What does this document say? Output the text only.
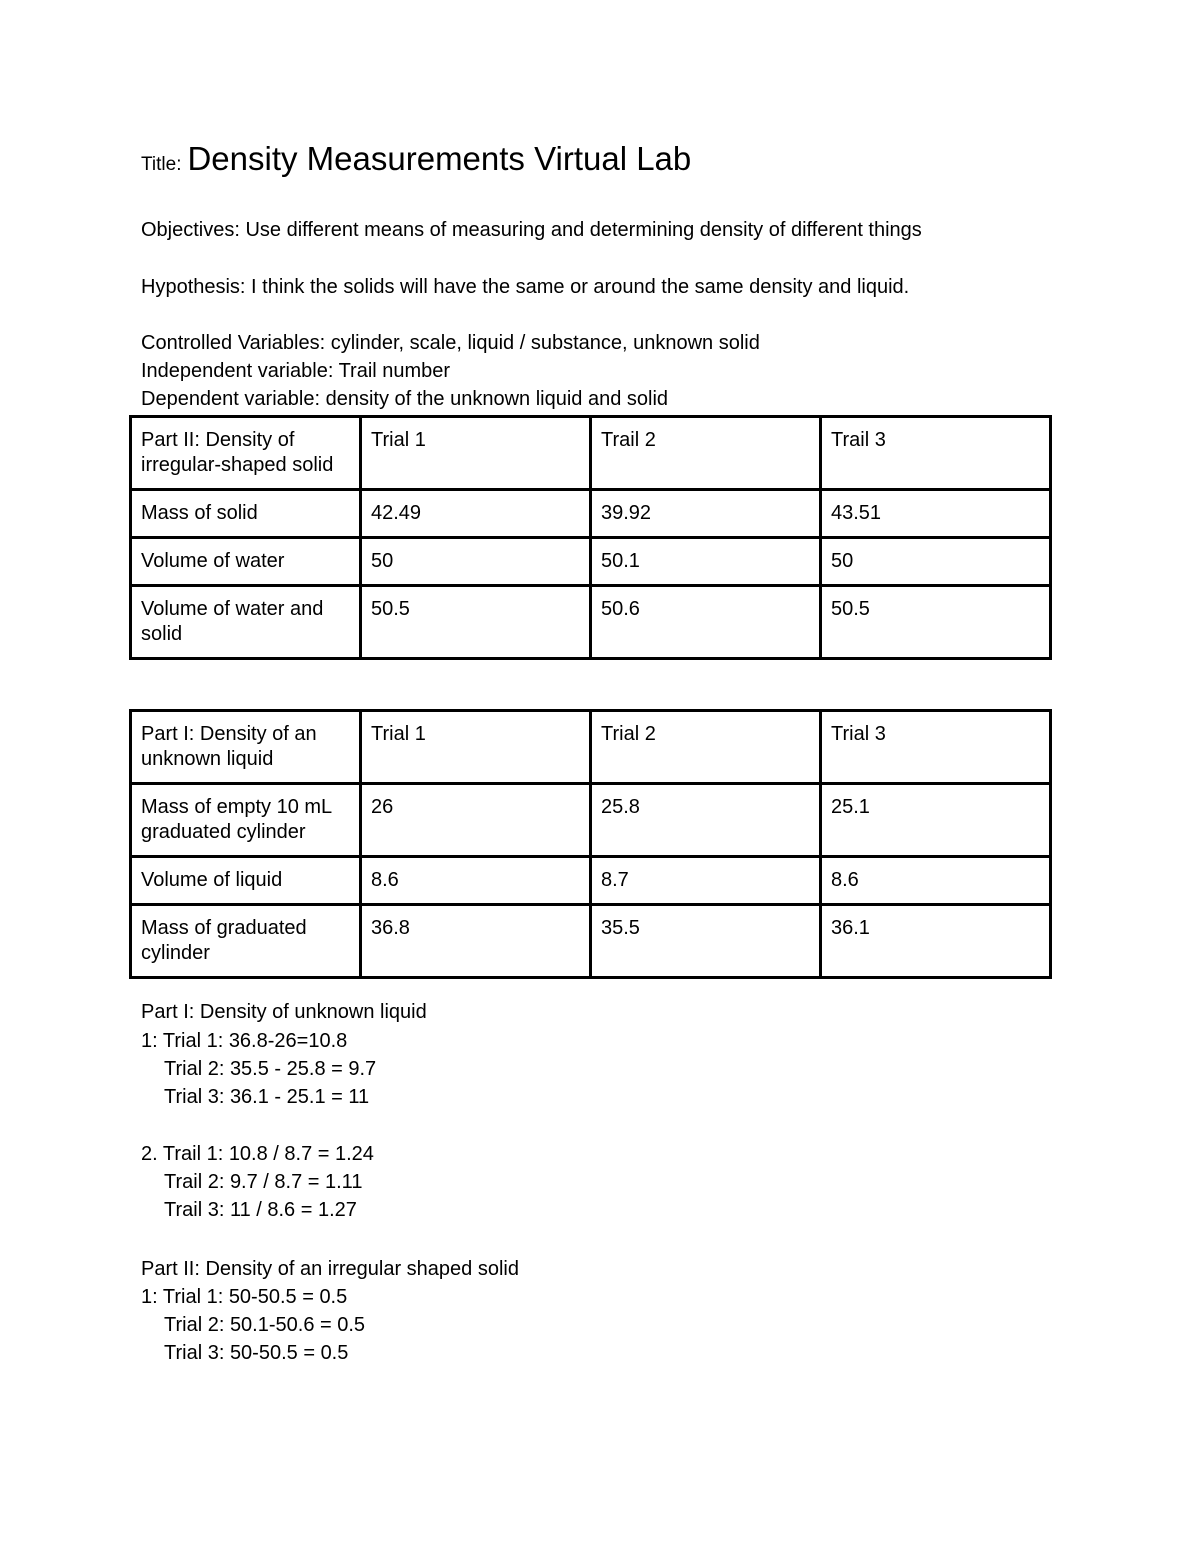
Title: Density Measurements Virtual Lab
Objectives: Use different means of measuring and determining density of different things
Hypothesis: I think the solids will have the same or around the same density and liquid.
Controlled Variables: cylinder, scale, liquid / substance, unknown solid
Independent variable: Trail number
Dependent variable: density of the unknown liquid and solid
Part II: Density of irregular-shaped solid	Trial 1	Trail 2	Trail 3
Mass of solid	42.49	39.92	43.51
Volume of water	50	50.1	50
Volume of water and solid	50.5	50.6	50.5
Part I: Density of an unknown liquid	Trial 1	Trial 2	Trial 3
Mass of empty 10 mL graduated cylinder	26	25.8	25.1
Volume of liquid	8.6	8.7	8.6
Mass of graduated cylinder	36.8	35.5	36.1
Part I: Density of unknown liquid
1: Trial 1: 36.8-26=10.8
Trial 2: 35.5 - 25.8 = 9.7
Trial 3: 36.1 - 25.1 = 11
2. Trail 1: 10.8 / 8.7 = 1.24
Trail 2: 9.7 / 8.7 = 1.11
Trail 3: 11 / 8.6 = 1.27
Part II: Density of an irregular shaped solid
1: Trial 1: 50-50.5 = 0.5
Trial 2: 50.1-50.6 = 0.5
Trial 3: 50-50.5 = 0.5
